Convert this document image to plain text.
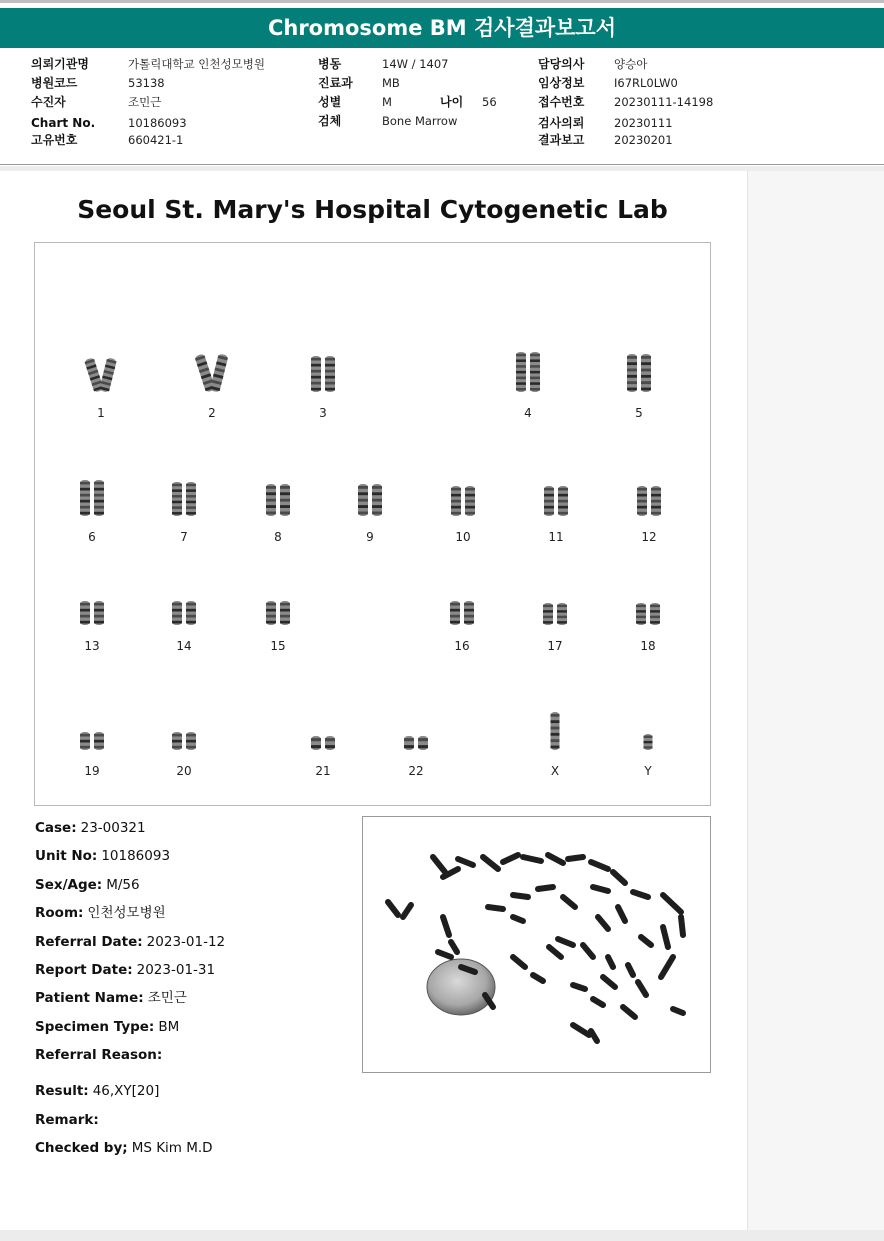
Chromosome BM 검사결과보고서
의뢰기관명	가톨릭대학교 인천성모병원
병원코드	53138
수진자	조민근
Chart No.	10186093
고유번호	660421-1
병동	14W / 1407
진료과	MB
성별	M	나이 56
검체	Bone Marrow
담당의사	양승아
임상정보	I67RL0LW0
접수번호	20230111-14198
검사의뢰	20230111
결과보고	20230201
Seoul St. Mary's Hospital Cytogenetic Lab
1	2	3	4	5
6	7	8	9	10	11	12
13	14	15	16	17	18
19	20	21	22	X	Y
Case: 23-00321
Unit No: 10186093
Sex/Age: M/56
Room: 인천성모병원
Referral Date: 2023-01-12
Report Date: 2023-01-31
Patient Name: 조민근
Specimen Type: BM
Referral Reason:
Result: 46,XY[20]
Remark:
Checked by; MS Kim M.D
